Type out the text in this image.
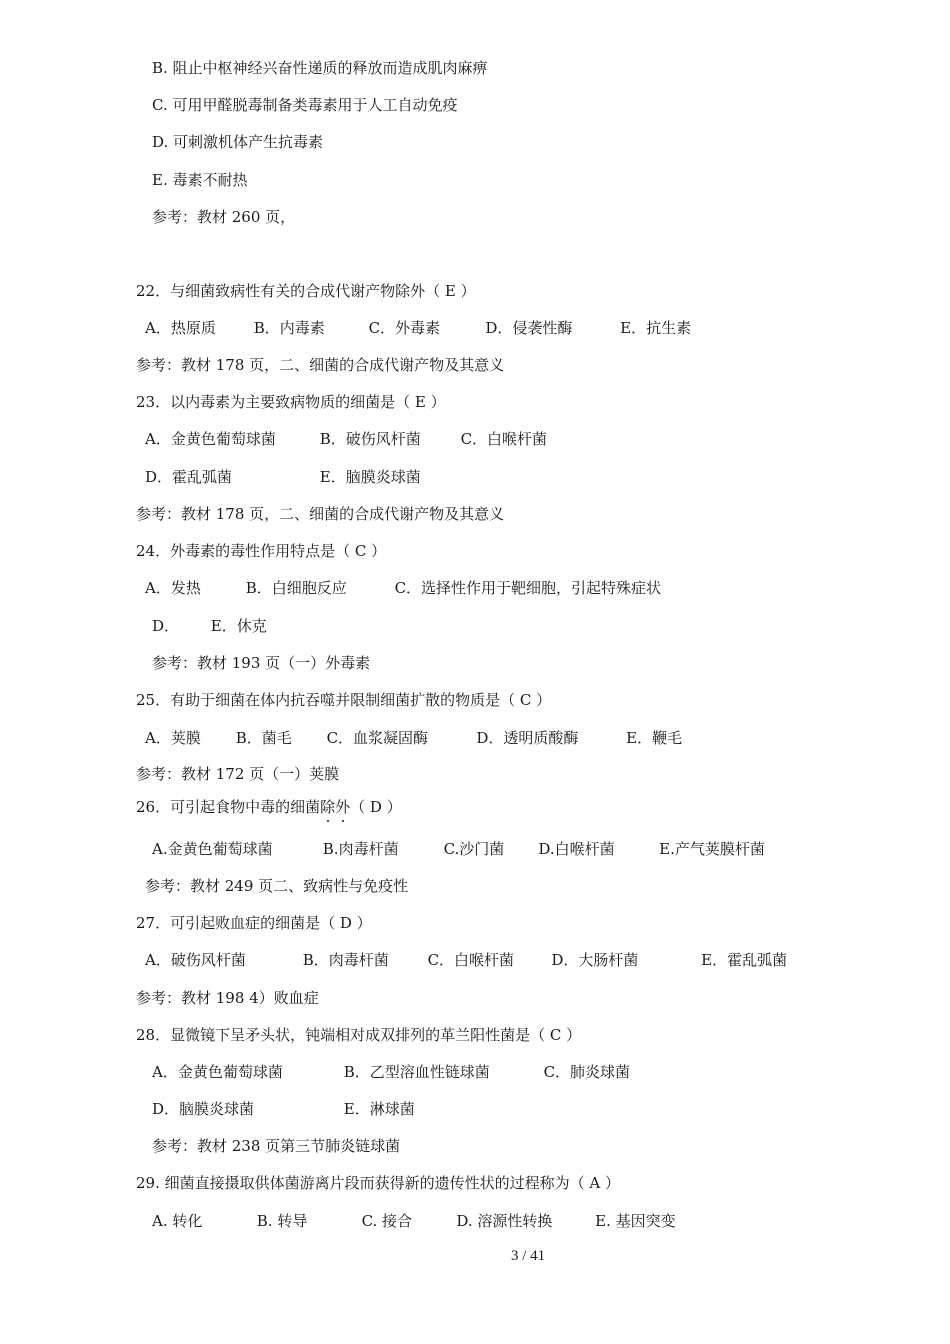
B. 阻止中枢神经兴奋性递质的释放而造成肌肉麻痹
C. 可用甲醛脱毒制备类毒素用于人工自动免疫
D. 可刺激机体产生抗毒素
E. 毒素不耐热
参考：教材 260 页，
22．与细菌致病性有关的合成代谢产物除外（ E ）
A．热原质	B．内毒素	C．外毒素	D．侵袭性酶	E．抗生素
参考：教材 178 页，二、细菌的合成代谢产物及其意义
23．以内毒素为主要致病物质的细菌是（ E ）
A．金黄色葡萄球菌	B．破伤风杆菌	C．白喉杆菌
D．霍乱弧菌	E．脑膜炎球菌
参考：教材 178 页，二、细菌的合成代谢产物及其意义
24．外毒素的毒性作用特点是（ C ）
A．发热	B．白细胞反应	C．选择性作用于靶细胞，引起特殊症状
D． E．休克
参考：教材 193 页（一）外毒素
25．有助于细菌在体内抗吞噬并限制细菌扩散的物质是（ C ）
A．荚膜 B．菌毛 C．血浆凝固酶	D．透明质酸酶	E．鞭毛
参考：教材 172 页（一）荚膜
26．可引起食物中毒的细菌除外（ D ）
A.金黄色葡萄球菌	B.肉毒杆菌	C.沙门菌 D.白喉杆菌	E.产气荚膜杆菌
参考：教材 249 页二、致病性与免疫性
27．可引起败血症的细菌是（ D ）
A．破伤风杆菌	B．肉毒杆菌	C．白喉杆菌 D．大肠杆菌	E．霍乱弧菌
参考：教材 198 4）败血症
28．显微镜下呈矛头状，钝端相对成双排列的革兰阳性菌是（ C ）
A．金黄色葡萄球菌	B．乙型溶血性链球菌	C．肺炎球菌
D．脑膜炎球菌	E．淋球菌
参考：教材 238 页第三节肺炎链球菌
29. 细菌直接摄取供体菌游离片段而获得新的遗传性状的过程称为（ A ）
A. 转化	B. 转导	C. 接合	D. 溶源性转换	E. 基因突变
3 / 41
